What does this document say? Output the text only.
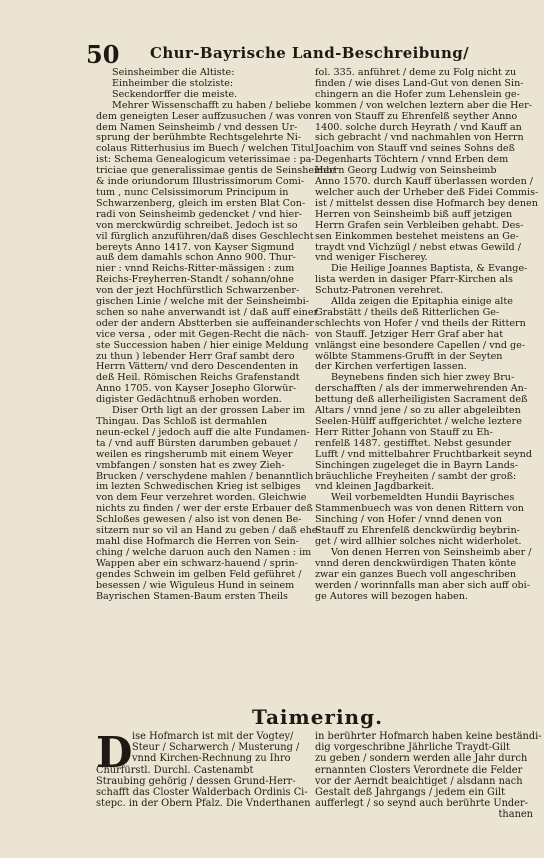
50 Chur-Bayrische Land-Beschreibung/
Seinsheimber die Altiste:
Einheimber die stolziste:
Seckendorffer die meiste.
Mehrer Wissenschafft zu haben / beliebe
dem geneigten Leser auffzusuchen / was von
dem Namen Seinsheimb / vnd dessen Ur-
sprung der berühmbte Rechtsgelehrte Ni-
colaus Ritterhusius im Buech / welchen Titul
ist: Schema Genealogicum veterissimae : pa-
triciae que generalissimae gentis de Seinsheimb/
& inde oriundorum Illustrissimorum Comi-
tum , nunc Celsissimorum Principum in
Schwarzenberg, gleich im ersten Blat Con-
radi von Seinsheimb gedencket / vnd hier-
von merckwürdig schreibet. Jedoch ist so
vil fürglich anzuführen/daß dises Geschlecht
bereyts Anno 1417. von Kayser Sigmund
auß dem damahls schon Anno 900. Thur-
nier : vnnd Reichs-Ritter-mässigen : zum
Reichs-Freyherren-Standt / sohann/ohne
von der jezt Hochfürstlich Schwarzenber-
gischen Linie / welche mit der Seinsheimbi-
schen so nahe anverwandt ist / daß auff einer
oder der andern Abstterben sie auffeinander
vice versa , oder mit Gegen-Recht die näch-
ste Succession haben / hier einige Meldung
zu thun ) lebender Herr Graf sambt dero
Herrn Vättern/ vnd dero Descendenten in
deß Heil. Römischen Reichs Grafenstandt
Anno 1705. von Kayser Josepho Glorwür-
digister Gedächtnuß erhoben worden.
Diser Orth ligt an der grossen Laber im
Thingau. Das Schloß ist dermahlen
neun-eckel / jedoch auff die alte Fundamen-
ta / vnd auff Bürsten darumben gebauet /
weilen es ringsherumb mit einem Weyer
vmbfangen / sonsten hat es zwey Zieh-
Brucken / verschydene mahlen / benanntlich
im lezten Schwedischen Krieg ist selbiges
von dem Feur verzehret worden. Gleichwie
nichts zu finden / wer der erste Erbauer deß
Schloßes gewesen / also ist von denen Be-
sitzern nur so vil an Hand zu geben / daß ehe-
mahl dise Hofmarch die Herren von Sein-
ching / welche daruon auch den Namen : im
Wappen aber ein schwarz-hauend / sprin-
gendes Schwein im gelben Feld geführet /
besessen / wie Wiguleus Hund in seinem
Bayrischen Stamen-Baum ersten Theils
fol. 335. anführet / deme zu Folg nicht zu
finden / wie dises Land-Gut von denen Sin-
chingern an die Hofer zum Lehenslein ge-
kommen / von welchen leztern aber die Her-
ren von Stauff zu Ehrenfelß seyther Anno
1400. solche durch Heyrath / vnd Kauff an
sich gebracht / vnd nachmahlen von Herrn
Joachim von Stauff vnd seines Sohns deß
Degenharts Töchtern / vnnd Erben dem
Herrn Georg Ludwig von Seinsheimb
Anno 1570. durch Kauff überlassen worden /
welcher auch der Urheber deß Fidei Commis-
ist / mittelst dessen dise Hofmarch bey denen
Herren von Seinsheimb biß auff jetzigen
Herrn Grafen sein Verbleiben gehabt. Des-
sen Einkommen bestehet meistens an Ge-
traydt vnd Vichzügl / nebst etwas Gewild /
vnd weniger Fischerey.
Die Heilige Joannes Baptista, & Evange-
lista werden in dasiger Pfarr-Kirchen als
Schutz-Patronen verehret.
Allda zeigen die Epitaphia einige alte
Grabstätt / theils deß Ritterlichen Ge-
schlechts von Hofer / vnd theils der Rittern
von Stauff. Jetziger Herr Graf aber hat
vnlängst eine besondere Capellen / vnd ge-
wölbte Stammens-Grufft in der Seyten
der Kirchen verfertigen lassen.
Beynebens finden sich hier zwey Bru-
derschafften / als der immerwehrenden An-
bettung deß allerheiligisten Sacrament deß
Altars / vnnd jene / so zu aller abgeleibten
Seelen-Hülff auffgerichtet / welche leztere
Herr Ritter Johann von Stauff zu Eh-
renfelß 1487. gestifftet. Nebst gesunder
Lufft / vnd mittelbahrer Fruchtbarkeit seynd
Sinchingen zugeleget die in Bayrn Lands-
bräuchliche Freyheiten / sambt der groß:
vnd kleinen Jagdbarkeit.
Weil vorbemeldten Hundii Bayrisches
Stammenbuech was von denen Rittern von
Sinching / von Hofer / vnnd denen von
Stauff zu Ehrenfelß denckwürdig beybrin-
get / wird allhier solches nicht widerholet.
Von denen Herren von Seinsheimb aber /
vnnd deren denckwürdigen Thaten könte
zwar ein ganzes Buech voll angeschriben
werden / worinnfalls man aber sich auff obi-
ge Autores will bezogen haben.
Taimering.
D ise Hofmarch ist mit der Vogtey/
Steur / Scharwerch / Musterung /
vnnd Kirchen-Rechnung zu Ihro
Churfürstl. Durchl. Castenambt
Straubing gehörig / dessen Grund-Herr-
schafft das Closter Walderbach Ordinis Ci-
stерс. in der Obern Pfalz. Die Vnderthanen
in berührter Hofmarch haben keine beständi-
dig vorgeschribne Jährliche Traydt-Gilt
zu geben / sondern werden alle Jahr durch
ernannten Closters Verordnete die Felder
vor der Aerndt beaichtiget / alsdann nach
Gestalt deß Jahrgangs / jedem ein Gilt
aufferlegt / so seynd auch berührte Under-
thanen
